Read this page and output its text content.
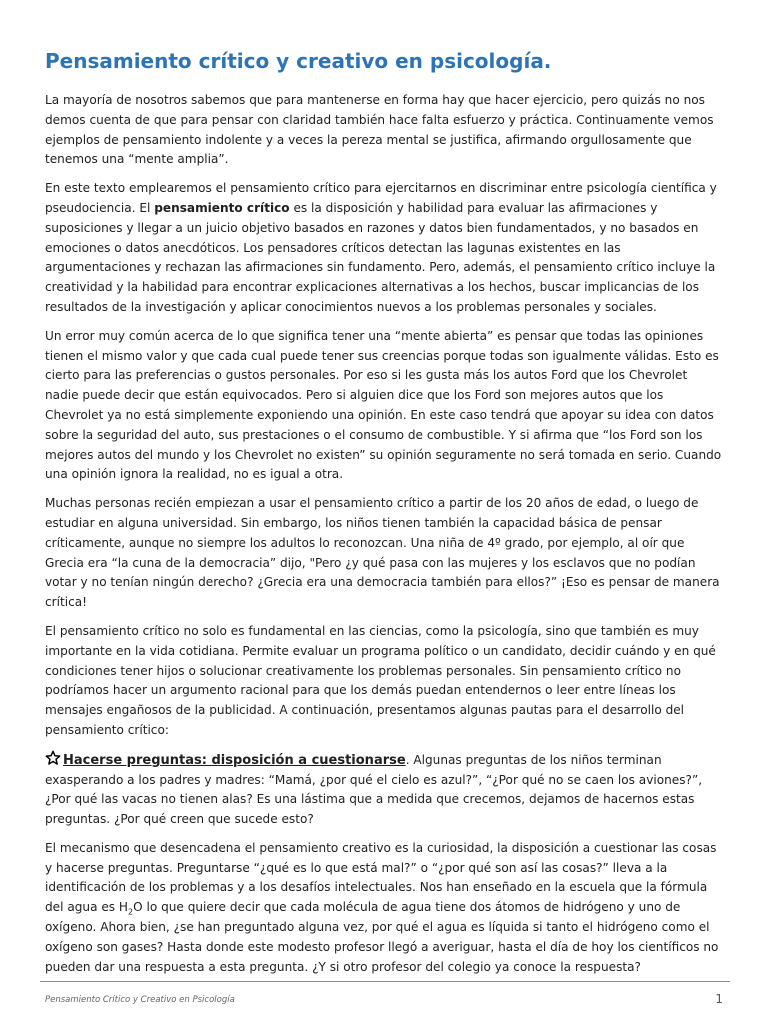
Pensamiento crítico y creativo en psicología.

La mayoría de nosotros sabemos que para mantenerse en forma hay que hacer ejercicio, pero quizás no nos demos cuenta de que para pensar con claridad también hace falta esfuerzo y práctica. Continuamente vemos ejemplos de pensamiento indolente y a veces la pereza mental se justifica, afirmando orgullosamente que tenemos una “mente amplia”.

En este texto emplearemos el pensamiento crítico para ejercitarnos en discriminar entre psicología científica y pseudociencia. El pensamiento crítico es la disposición y habilidad para evaluar las afirmaciones y suposiciones y llegar a un juicio objetivo basados en razones y datos bien fundamentados, y no basados en emociones o datos anecdóticos. Los pensadores críticos detectan las lagunas existentes en las argumentaciones y rechazan las afirmaciones sin fundamento. Pero, además, el pensamiento crítico incluye la creatividad y la habilidad para encontrar explicaciones alternativas a los hechos, buscar implicancias de los resultados de la investigación y aplicar conocimientos nuevos a los problemas personales y sociales.

Un error muy común acerca de lo que significa tener una “mente abierta” es pensar que todas las opiniones tienen el mismo valor y que cada cual puede tener sus creencias porque todas son igualmente válidas. Esto es cierto para las preferencias o gustos personales. Por eso si les gusta más los autos Ford que los Chevrolet nadie puede decir que están equivocados. Pero si alguien dice que los Ford son mejores autos que los Chevrolet ya no está simplemente exponiendo una opinión. En este caso tendrá que apoyar su idea con datos sobre la seguridad del auto, sus prestaciones o el consumo de combustible. Y si afirma que “los Ford son los mejores autos del mundo y los Chevrolet no existen” su opinión seguramente no será tomada en serio. Cuando una opinión ignora la realidad, no es igual a otra.

Muchas personas recién empiezan a usar el pensamiento crítico a partir de los 20 años de edad, o luego de estudiar en alguna universidad. Sin embargo, los niños tienen también la capacidad básica de pensar críticamente, aunque no siempre los adultos lo reconozcan. Una niña de 4º grado, por ejemplo, al oír que Grecia era “la cuna de la democracia” dijo, "Pero ¿y qué pasa con las mujeres y los esclavos que no podían votar y no tenían ningún derecho? ¿Grecia era una democracia también para ellos?” ¡Eso es pensar de manera crítica!

El pensamiento crítico no solo es fundamental en las ciencias, como la psicología, sino que también es muy importante en la vida cotidiana. Permite evaluar un programa político o un candidato, decidir cuándo y en qué condiciones tener hijos o solucionar creativamente los problemas personales. Sin pensamiento crítico no podríamos hacer un argumento racional para que los demás puedan entendernos o leer entre líneas los mensajes engañosos de la publicidad. A continuación, presentamos algunas pautas para el desarrollo del pensamiento crítico:

Hacerse preguntas: disposición a cuestionarse. Algunas preguntas de los niños terminan exasperando a los padres y madres: “Mamá, ¿por qué el cielo es azul?”, “¿Por qué no se caen los aviones?”, ¿Por qué las vacas no tienen alas? Es una lástima que a medida que crecemos, dejamos de hacernos estas preguntas. ¿Por qué creen que sucede esto?

El mecanismo que desencadena el pensamiento creativo es la curiosidad, la disposición a cuestionar las cosas y hacerse preguntas. Preguntarse “¿qué es lo que está mal?” o “¿por qué son así las cosas?” lleva a la identificación de los problemas y a los desafíos intelectuales. Nos han enseñado en la escuela que la fórmula del agua es $H_2O$ lo que quiere decir que cada molécula de agua tiene dos átomos de hidrógeno y uno de oxígeno. Ahora bien, ¿se han preguntado alguna vez, por qué el agua es líquida si tanto el hidrógeno como el oxígeno son gases? Hasta donde este modesto profesor llegó a averiguar, hasta el día de hoy los científicos no pueden dar una respuesta a esta pregunta. ¿Y si otro profesor del colegio ya conoce la respuesta?

Pensamiento Crítico y Creativo en Psicología	1
